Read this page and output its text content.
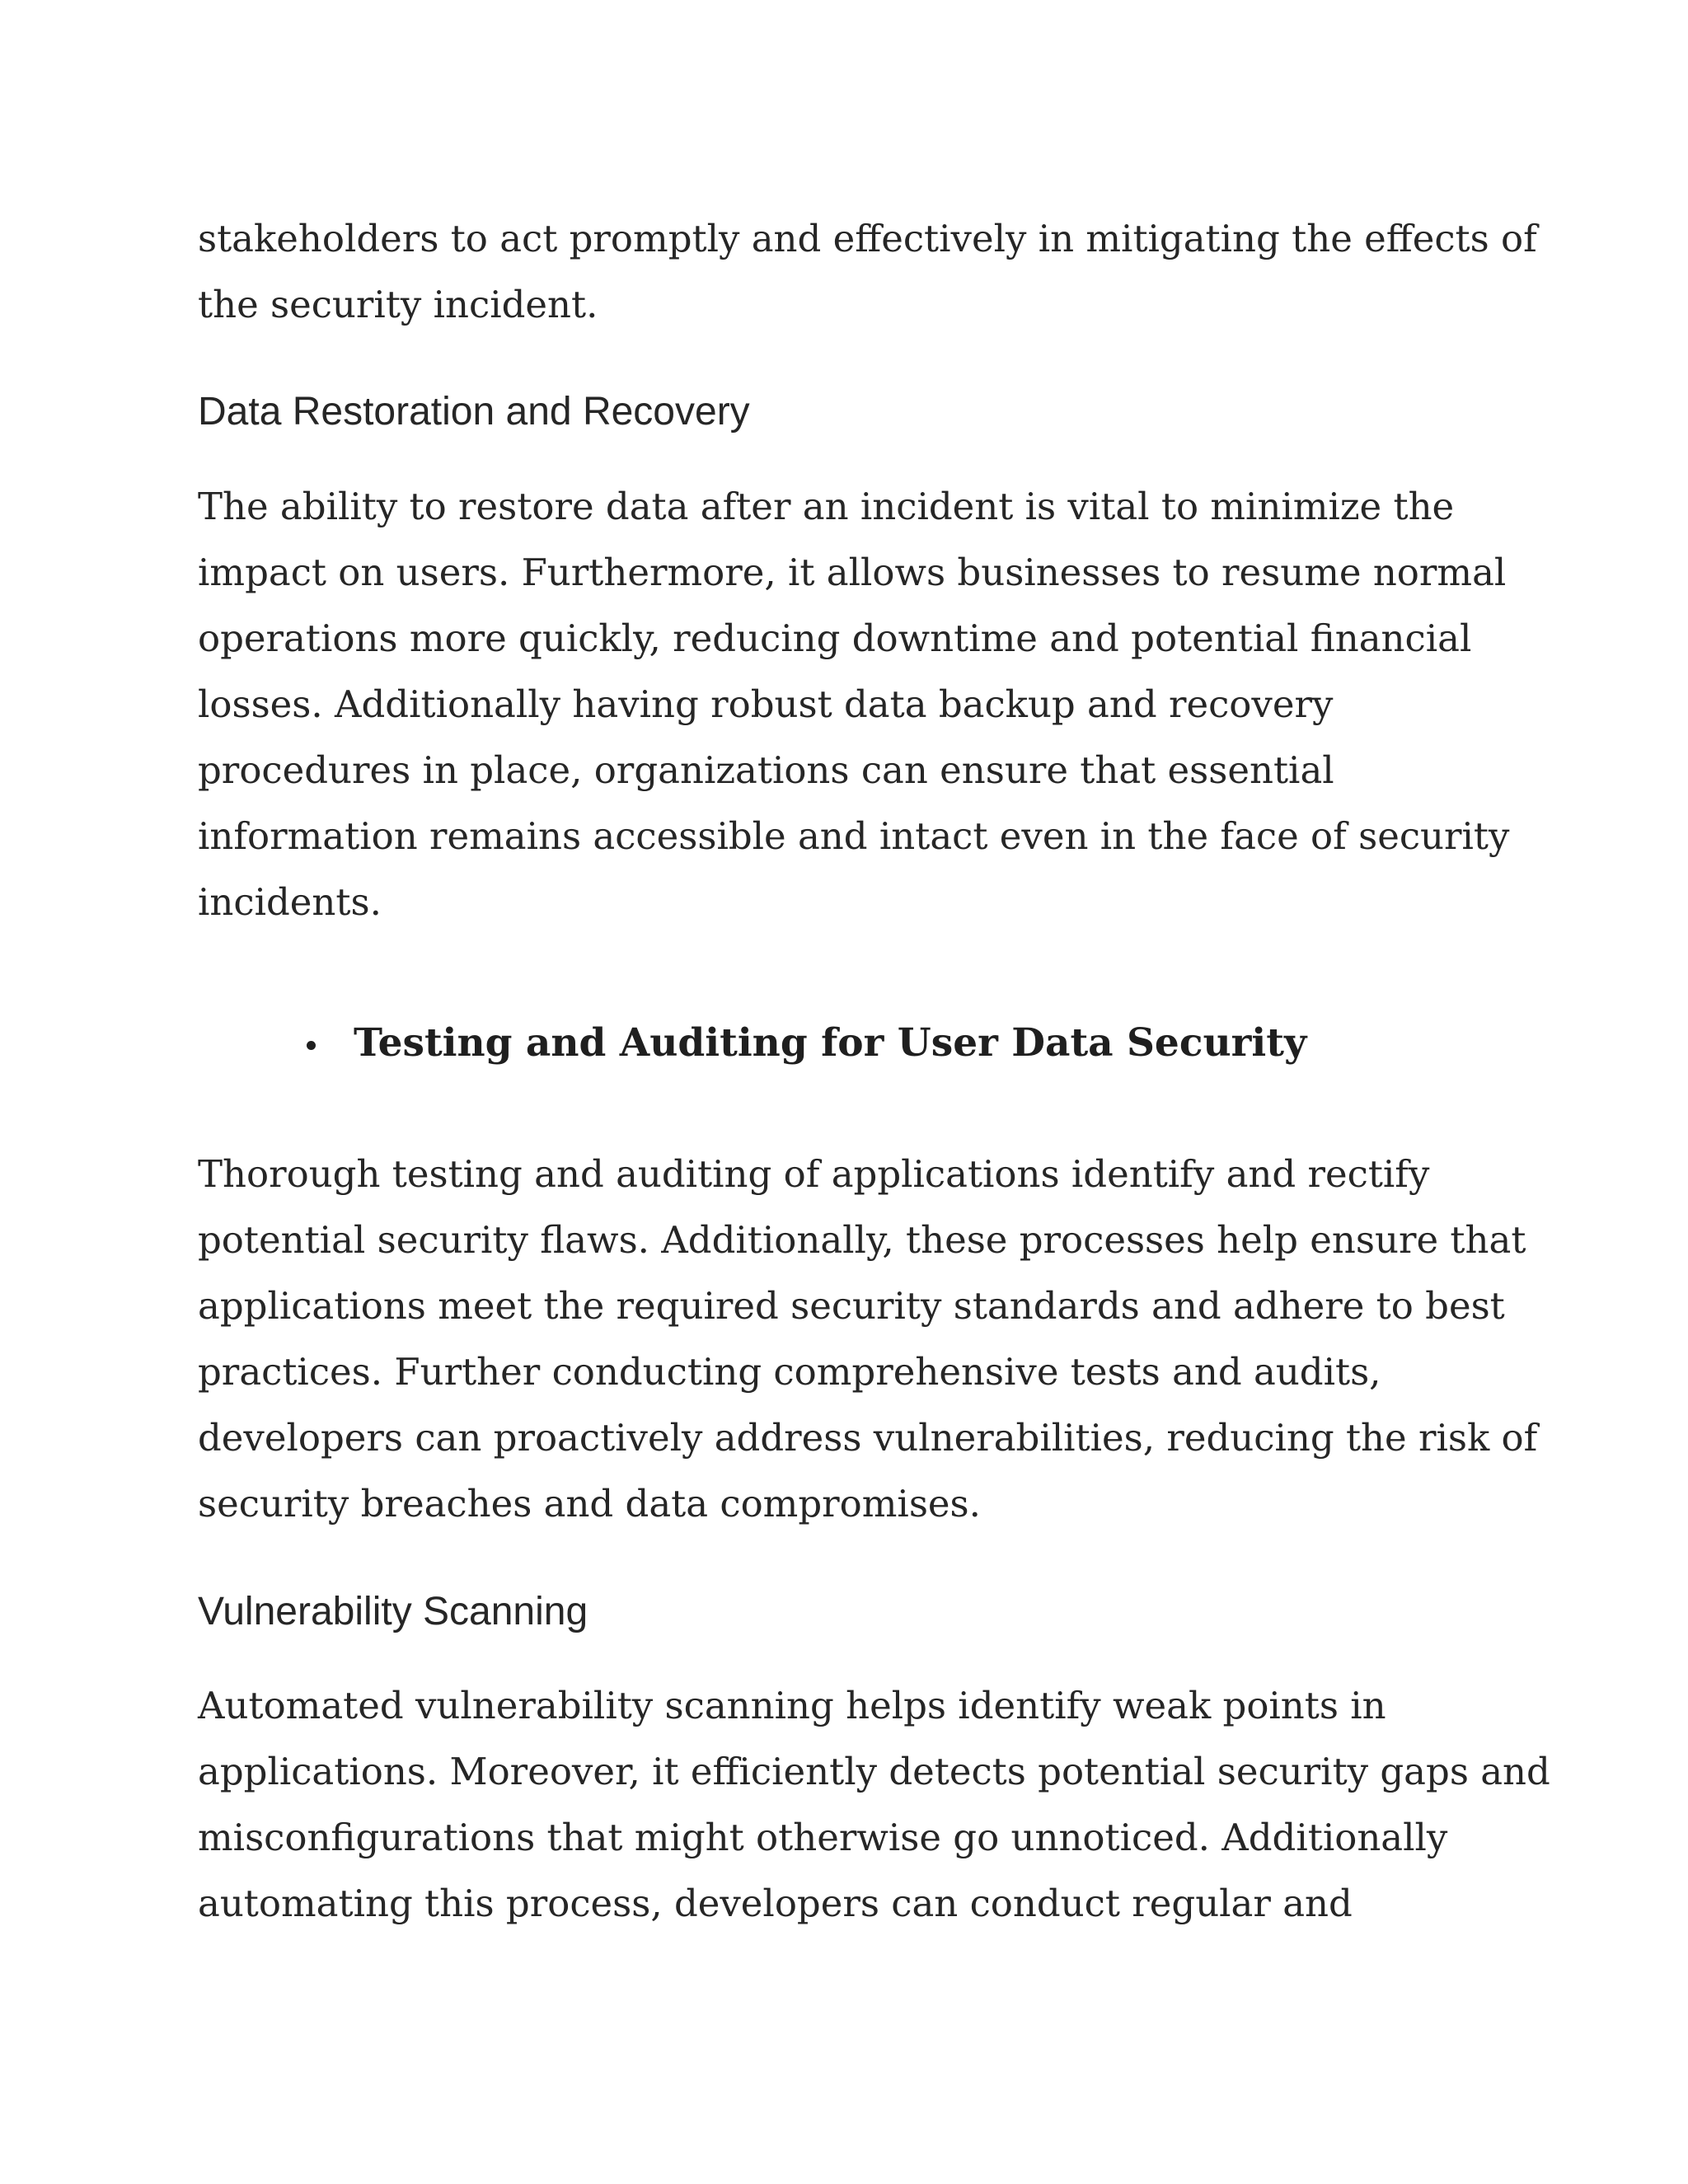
stakeholders to act promptly and effectively in mitigating the effects of
the security incident.

Data Restoration and Recovery

The ability to restore data after an incident is vital to minimize the
impact on users. Furthermore, it allows businesses to resume normal
operations more quickly, reducing downtime and potential financial
losses. Additionally having robust data backup and recovery
procedures in place, organizations can ensure that essential
information remains accessible and intact even in the face of security
incidents.

Testing and Auditing for User Data Security

Thorough testing and auditing of applications identify and rectify
potential security flaws. Additionally, these processes help ensure that
applications meet the required security standards and adhere to best
practices. Further conducting comprehensive tests and audits,
developers can proactively address vulnerabilities, reducing the risk of
security breaches and data compromises.

Vulnerability Scanning

Automated vulnerability scanning helps identify weak points in
applications. Moreover, it efficiently detects potential security gaps and
misconfigurations that might otherwise go unnoticed. Additionally
automating this process, developers can conduct regular and
